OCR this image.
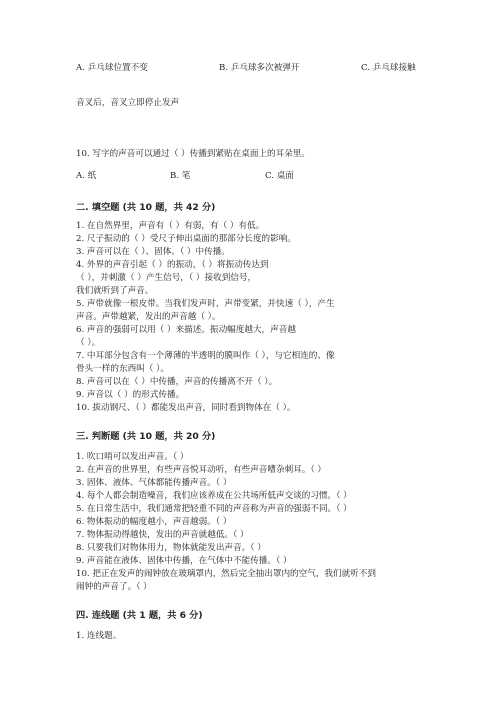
A. 乒乓球位置不变	B. 乒乓球多次被弹开	C. 乒乓球接触
音叉后，音叉立即停止发声
10. 写字的声音可以通过（ ）传播到紧贴在桌面上的耳朵里。
A. 纸	B. 笔	C. 桌面
二. 填空题 (共 10 题，共 42 分)
1. 在自然界里，声音有（ ）有弱，有（ ）有低。
2. 尺子振动的（ ）受尺子伸出桌面的那部分长度的影响。
3. 声音可以在（ ）、固体、（ ）中传播。
4. 外界的声音引起（ ）的振动，（ ）将振动传达到
（ ），并刺激（ ）产生信号，（ ）接收到信号，
我们就听到了声音。
5. 声带就像一根皮带。当我们发声时，声带变紧，并快速（ ），产生
声音。声带越紧，发出的声音越（ ）。
6. 声音的强弱可以用（ ）来描述。振动幅度越大，声音越
（ ）。
7. 中耳部分包含有一个薄薄的半透明的膜叫作（ ），与它相连的、像
骨头一样的东西叫（ ）。
8. 声音可以在（ ）中传播，声音的传播离不开（ ）。
9. 声音以（ ）的形式传播。
10. 拔动钢尺、（ ）都能发出声音，同时看到物体在（ ）。
三. 判断题 (共 10 题，共 20 分)
1. 吹口哨可以发出声音。（ ）
2. 在声音的世界里，有些声音悦耳动听，有些声音嘈杂刺耳。（ ）
3. 固体、液体、气体都能传播声音。（ ）
4. 每个人都会制造噪音，我们应该养成在公共场所低声交谈的习惯。（ ）
5. 在日常生活中，我们通常把轻重不同的声音称为声音的强弱不同。（ ）
6. 物体振动的幅度越小，声音越弱。（ ）
7. 物体振动得越快，发出的声音就越低。（ ）
8. 只要我们对物体用力，物体就能发出声音。（ ）
9. 声音能在液体、固体中传播，在气体中不能传播。（ ）
10. 把正在发声的闹钟放在玻璃罩内，然后完全抽出罩内的空气，我们就听不到
闹钟的声音了。（ ）
四. 连线题 (共 1 题，共 6 分)
1. 连线题。
